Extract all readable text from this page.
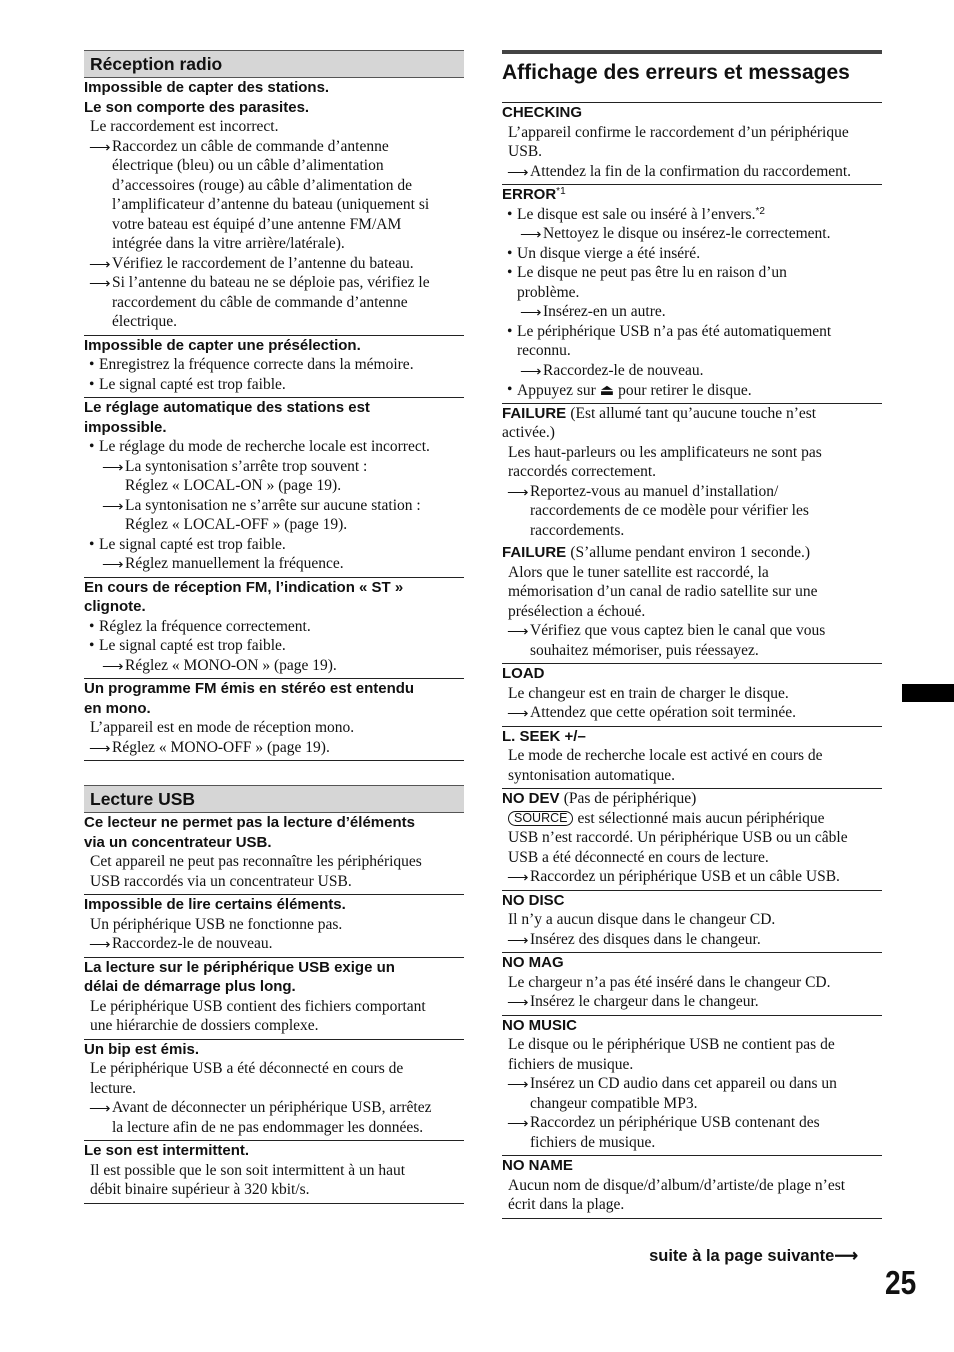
Réception radio
Impossible de capter des stations.
Le son comporte des parasites.
Le raccordement est incorrect.
⟶ Raccordez un câble de commande d’antenne
électrique (bleu) ou un câble d’alimentation
d’accessoires (rouge) au câble d’alimentation de
l’amplificateur d’antenne du bateau (uniquement si
votre bateau est équipé d’une antenne FM/AM
intégrée dans la vitre arrière/latérale).
⟶ Vérifiez le raccordement de l’antenne du bateau.
⟶ Si l’antenne du bateau ne se déploie pas, vérifiez le
raccordement du câble de commande d’antenne
électrique.
Impossible de capter une présélection.
• Enregistrez la fréquence correcte dans la mémoire.
• Le signal capté est trop faible.
Le réglage automatique des stations est
impossible.
• Le réglage du mode de recherche locale est incorrect.
⟶ La syntonisation s’arrête trop souvent :
Réglez « LOCAL-ON » (page 19).
⟶ La syntonisation ne s’arrête sur aucune station :
Réglez « LOCAL-OFF » (page 19).
• Le signal capté est trop faible.
⟶ Réglez manuellement la fréquence.
En cours de réception FM, l’indication « ST »
clignote.
• Réglez la fréquence correctement.
• Le signal capté est trop faible.
⟶ Réglez « MONO-ON » (page 19).
Un programme FM émis en stéréo est entendu
en mono.
L’appareil est en mode de réception mono.
⟶ Réglez « MONO-OFF » (page 19).
Lecture USB
Ce lecteur ne permet pas la lecture d’éléments
via un concentrateur USB.
Cet appareil ne peut pas reconnaître les périphériques
USB raccordés via un concentrateur USB.
Impossible de lire certains éléments.
Un périphérique USB ne fonctionne pas.
⟶ Raccordez-le de nouveau.
La lecture sur le périphérique USB exige un
délai de démarrage plus long.
Le périphérique USB contient des fichiers comportant
une hiérarchie de dossiers complexe.
Un bip est émis.
Le périphérique USB a été déconnecté en cours de
lecture.
⟶ Avant de déconnecter un périphérique USB, arrêtez
la lecture afin de ne pas endommager les données.
Le son est intermittent.
Il est possible que le son soit intermittent à un haut
débit binaire supérieur à 320 kbit/s.
Affichage des erreurs et messages
CHECKING
L’appareil confirme le raccordement d’un périphérique
USB.
⟶ Attendez la fin de la confirmation du raccordement.
ERROR$^{*1}$
• Le disque est sale ou inséré à l’envers.$^{*2}$
⟶ Nettoyez le disque ou insérez-le correctement.
• Un disque vierge a été inséré.
• Le disque ne peut pas être lu en raison d’un
problème.
⟶ Insérez-en un autre.
• Le périphérique USB n’a pas été automatiquement
reconnu.
⟶ Raccordez-le de nouveau.
• Appuyez sur ⏏ pour retirer le disque.
FAILURE (Est allumé tant qu’aucune touche n’est
activée.)
Les haut-parleurs ou les amplificateurs ne sont pas
raccordés correctement.
⟶ Reportez-vous au manuel d’installation/
raccordements de ce modèle pour vérifier les
raccordements.
FAILURE (S’allume pendant environ 1 seconde.)
Alors que le tuner satellite est raccordé, la
mémorisation d’un canal de radio satellite sur une
présélection a échoué.
⟶ Vérifiez que vous captez bien le canal que vous
souhaitez mémoriser, puis réessayez.
LOAD
Le changeur est en train de charger le disque.
⟶ Attendez que cette opération soit terminée.
L. SEEK +/–
Le mode de recherche locale est activé en cours de
syntonisation automatique.
NO DEV (Pas de périphérique)
SOURCE est sélectionné mais aucun périphérique
USB n’est raccordé. Un périphérique USB ou un câble
USB a été déconnecté en cours de lecture.
⟶ Raccordez un périphérique USB et un câble USB.
NO DISC
Il n’y a aucun disque dans le changeur CD.
⟶ Insérez des disques dans le changeur.
NO MAG
Le chargeur n’a pas été inséré dans le changeur CD.
⟶ Insérez le chargeur dans le changeur.
NO MUSIC
Le disque ou le périphérique USB ne contient pas de
fichiers de musique.
⟶ Insérez un CD audio dans cet appareil ou dans un
changeur compatible MP3.
⟶ Raccordez un périphérique USB contenant des
fichiers de musique.
NO NAME
Aucun nom de disque/d’album/d’artiste/de plage n’est
écrit dans la plage.
suite à la page suivante⟶
25
